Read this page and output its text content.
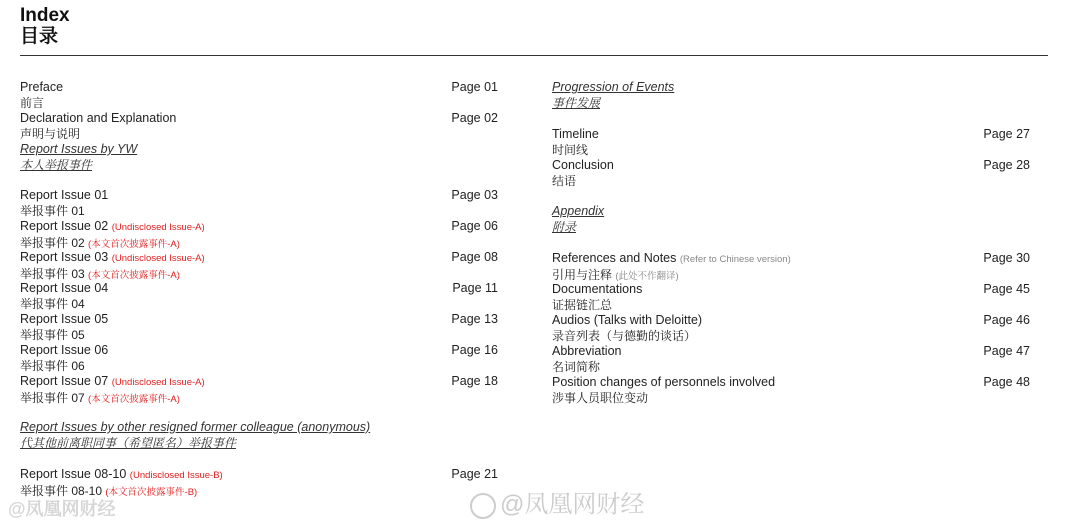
Index
目录
Preface
前言
Page 01
Declaration and Explanation
声明与说明
Page 02
Report Issues by YW
本人举报事件
Report Issue 01
举报事件 01
Page 03
Report Issue 02 (Undisclosed Issue-A)
举报事件 02 (本文首次披露事件-A)
Page 06
Report Issue 03 (Undisclosed Issue-A)
举报事件 03 (本文首次披露事件-A)
Page 08
Report Issue 04
举报事件 04
Page 11
Report Issue 05
举报事件 05
Page 13
Report Issue 06
举报事件 06
Page 16
Report Issue 07 (Undisclosed Issue-A)
举报事件 07 (本文首次披露事件-A)
Page 18
Report Issues by other resigned former colleague (anonymous)
代其他前离职同事（希望匿名）举报事件
Report Issue 08-10 (Undisclosed Issue-B)
举报事件 08-10 (本文首次披露事件-B)
Page 21
Progression of Events
事件发展
Timeline
时间线
Page 27
Conclusion
结语
Page 28
Appendix
附录
References and Notes (Refer to Chinese version)
引用与注释 (此处不作翻译)
Page 30
Documentations
证据链汇总
Page 45
Audios (Talks with Deloitte)
录音列表（与德勤的谈话）
Page 46
Abbreviation
名词简称
Page 47
Position changes of personnels involved
涉事人员职位变动
Page 48
@凤凰网财经	@凤凰网财经
